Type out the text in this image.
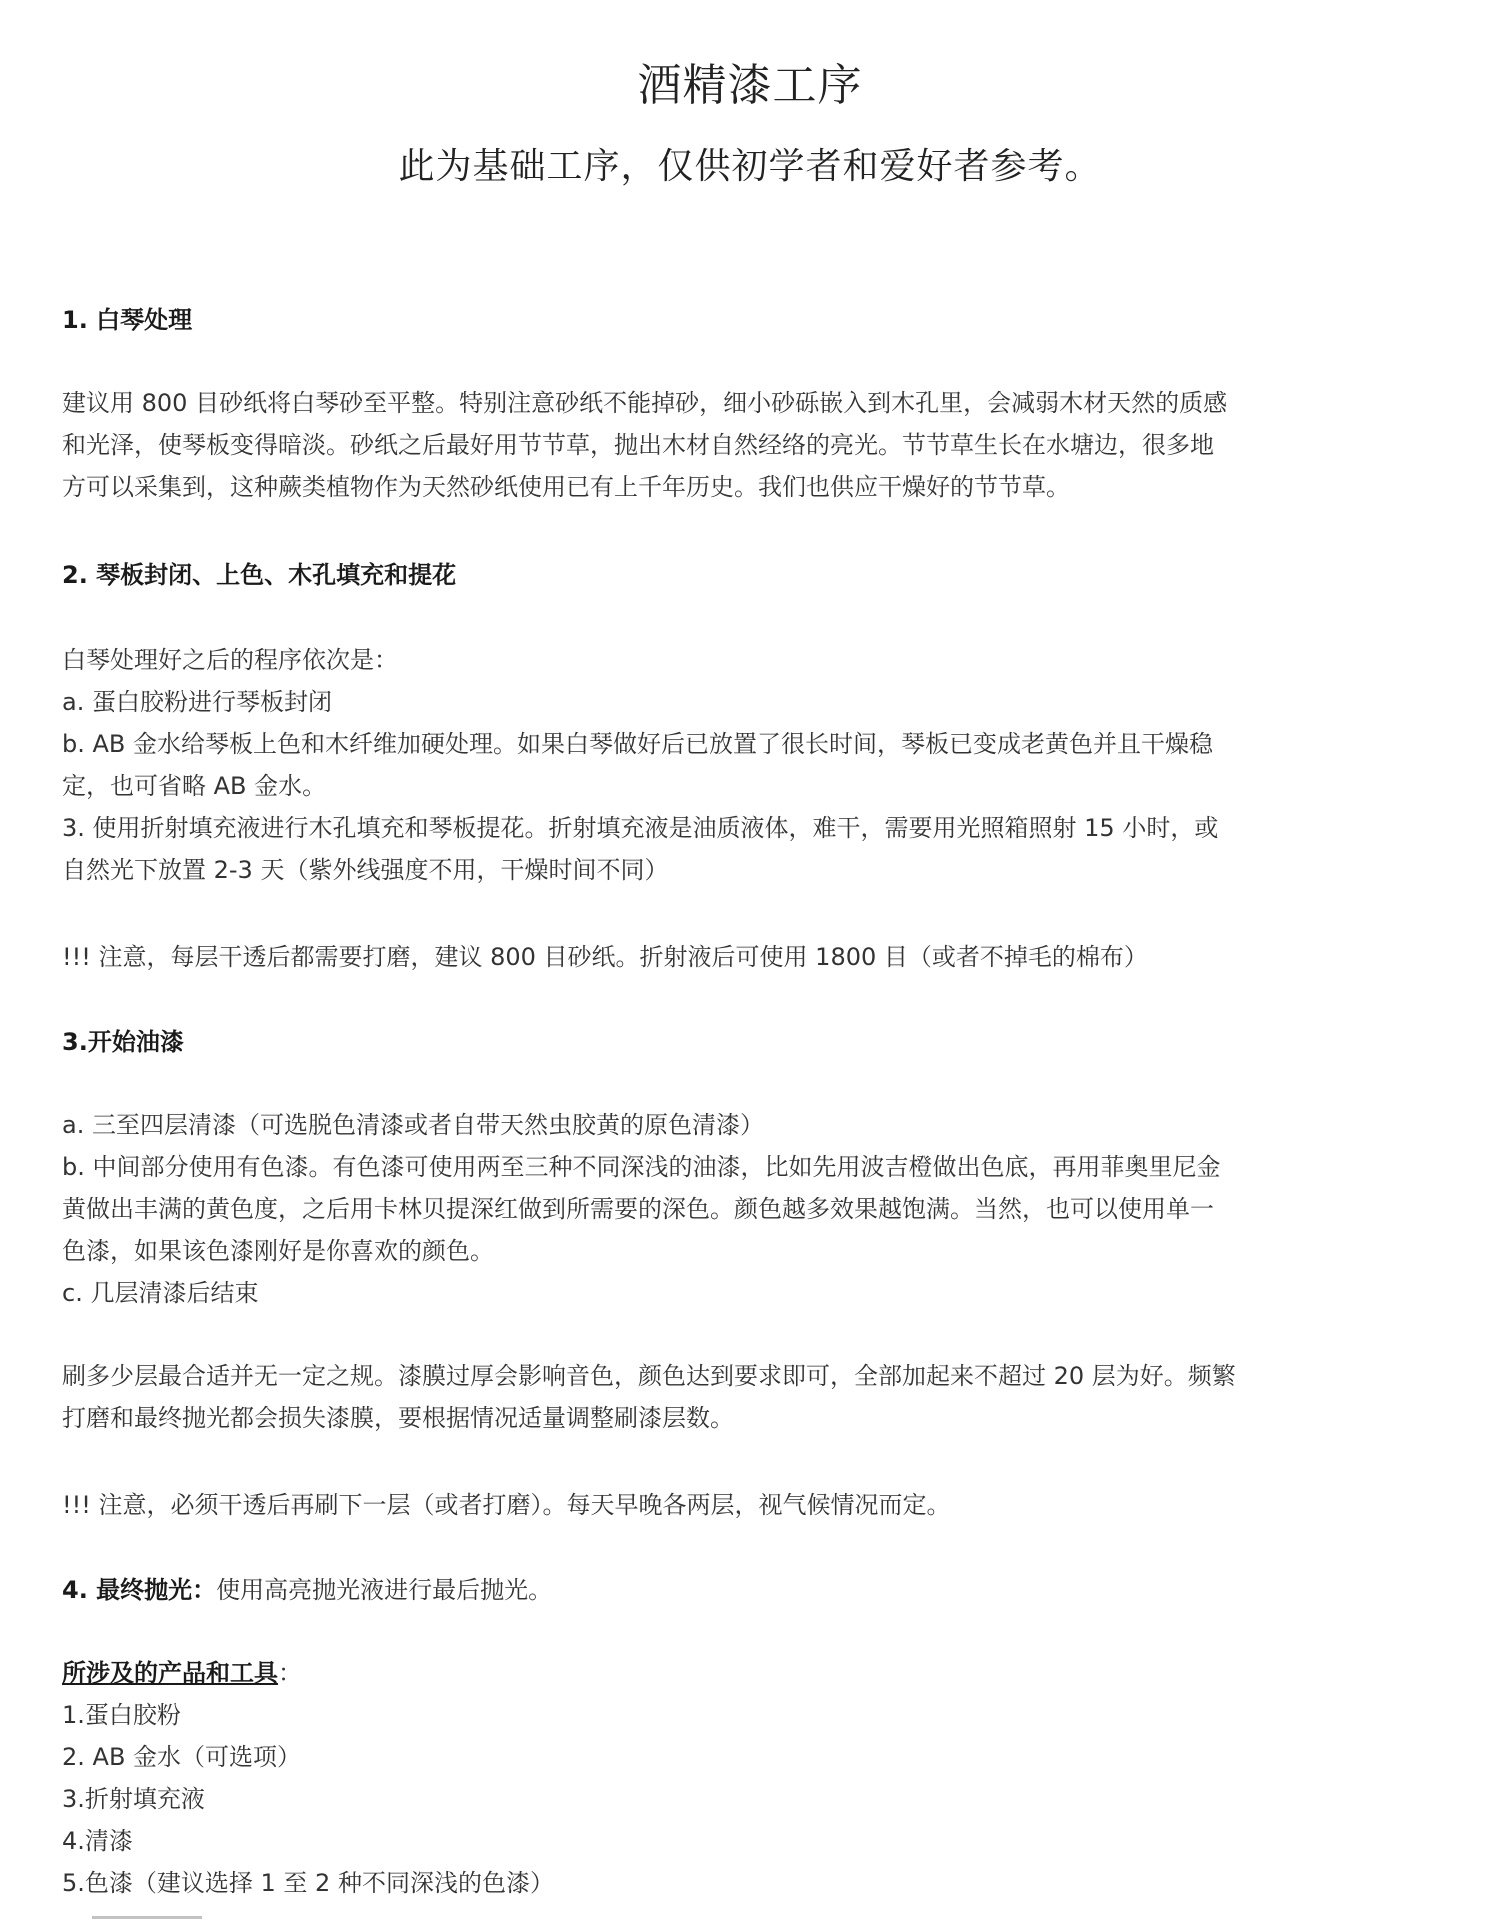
酒精漆工序
此为基础工序，仅供初学者和爱好者参考。
1. 白琴处理
建议用 800 目砂纸将白琴砂至平整。特别注意砂纸不能掉砂，细小砂砾嵌入到木孔里，会减弱木材天然的质感
和光泽，使琴板变得暗淡。砂纸之后最好用节节草，抛出木材自然经络的亮光。节节草生长在水塘边，很多地
方可以采集到，这种蕨类植物作为天然砂纸使用已有上千年历史。我们也供应干燥好的节节草。
2. 琴板封闭、上色、木孔填充和提花
白琴处理好之后的程序依次是：
a. 蛋白胶粉进行琴板封闭
b. AB 金水给琴板上色和木纤维加硬处理。如果白琴做好后已放置了很长时间，琴板已变成老黄色并且干燥稳
定，也可省略 AB 金水。
3. 使用折射填充液进行木孔填充和琴板提花。折射填充液是油质液体，难干，需要用光照箱照射 15 小时，或
自然光下放置 2-3 天（紫外线强度不用，干燥时间不同）
!!! 注意，每层干透后都需要打磨，建议 800 目砂纸。折射液后可使用 1800 目（或者不掉毛的棉布）
3.开始油漆
a. 三至四层清漆（可选脱色清漆或者自带天然虫胶黄的原色清漆）
b. 中间部分使用有色漆。有色漆可使用两至三种不同深浅的油漆，比如先用波吉橙做出色底，再用菲奥里尼金
黄做出丰满的黄色度，之后用卡林贝提深红做到所需要的深色。颜色越多效果越饱满。当然，也可以使用单一
色漆，如果该色漆刚好是你喜欢的颜色。
c. 几层清漆后结束
刷多少层最合适并无一定之规。漆膜过厚会影响音色，颜色达到要求即可，全部加起来不超过 20 层为好。频繁
打磨和最终抛光都会损失漆膜，要根据情况适量调整刷漆层数。
!!! 注意，必须干透后再刷下一层（或者打磨）。每天早晚各两层，视气候情况而定。
4. 最终抛光：使用高亮抛光液进行最后抛光。
所涉及的产品和工具：
1.蛋白胶粉
2. AB 金水（可选项）
3.折射填充液
4.清漆
5.色漆（建议选择 1 至 2 种不同深浅的色漆）
